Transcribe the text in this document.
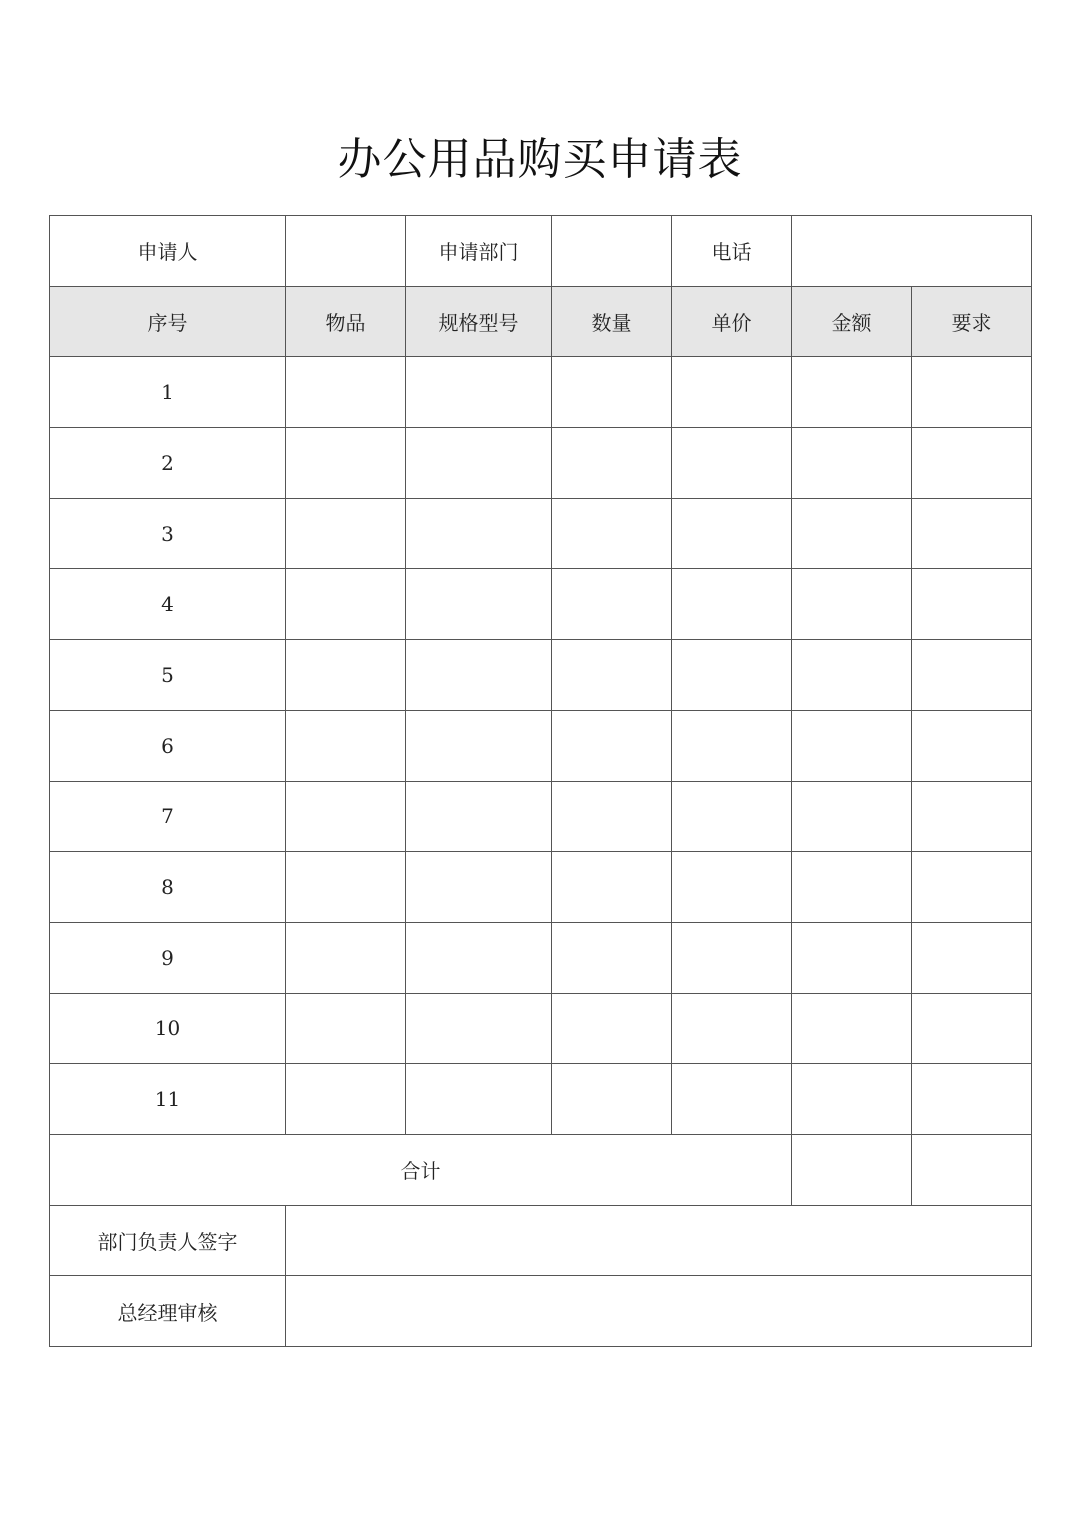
办公用品购买申请表
申请人		申请部门		电话		
序号	物品	规格型号	数量	单价	金额	要求
1						
2						
3						
4						
5						
6						
7						
8						
9						
10						
11						
合计						
部门负责人签字						
总经理审核						
